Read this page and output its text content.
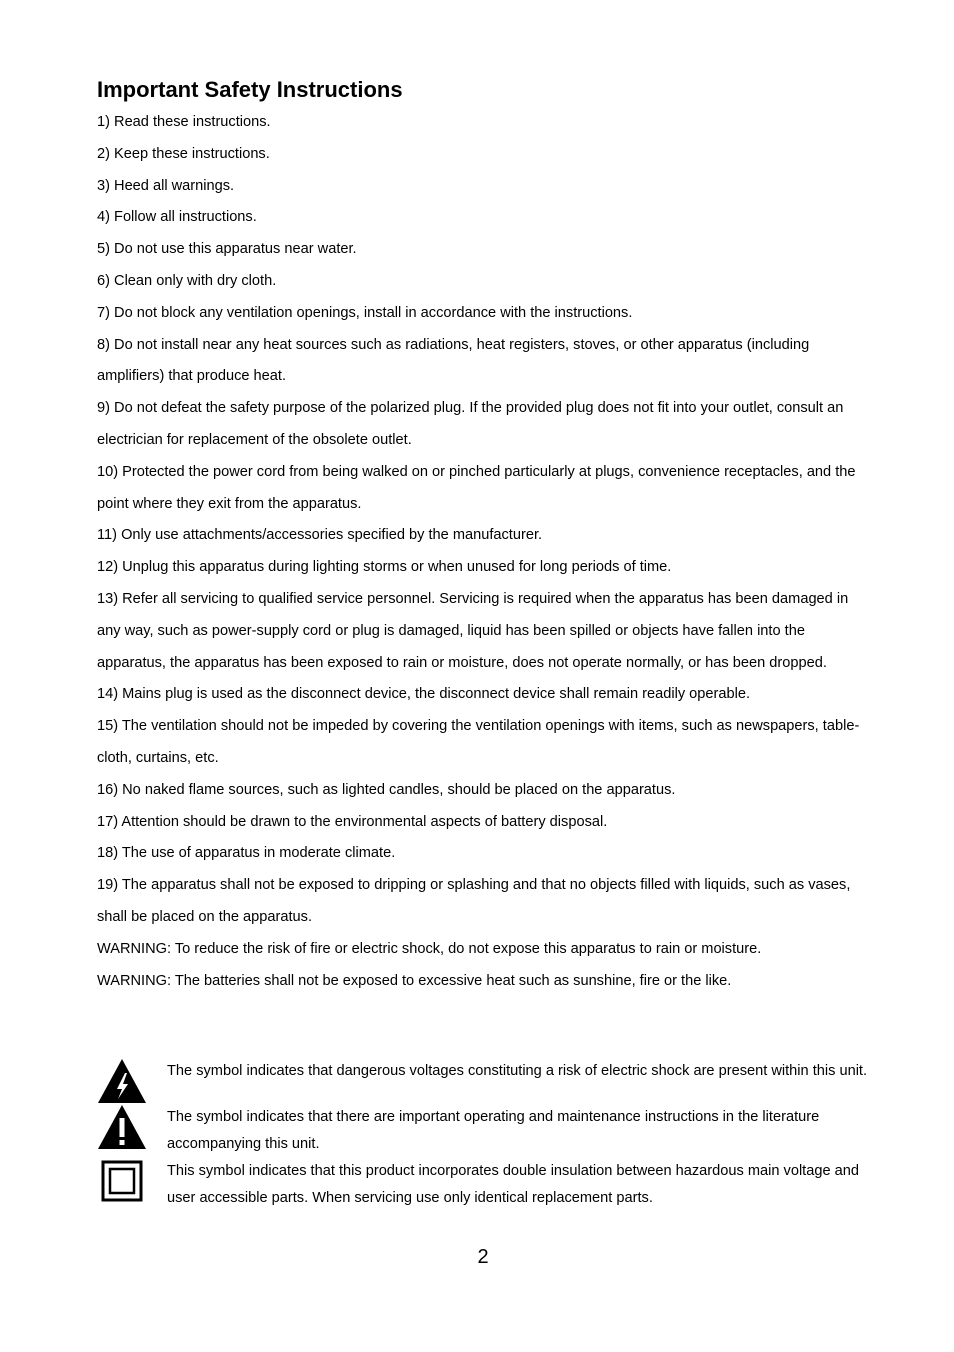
Important Safety Instructions

1) Read these instructions.

2) Keep these instructions.

3) Heed all warnings.

4) Follow all instructions.

5) Do not use this apparatus near water.

6) Clean only with dry cloth.

7) Do not block any ventilation openings, install in accordance with the instructions.

8) Do not install near any heat sources such as radiations, heat registers, stoves, or other apparatus (including amplifiers) that produce heat.

9) Do not defeat the safety purpose of the polarized plug. If the provided plug does not fit into your outlet, consult an electrician for replacement of the obsolete outlet.

10) Protected the power cord from being walked on or pinched particularly at plugs, convenience receptacles, and the point where they exit from the apparatus.

11) Only use attachments/accessories specified by the manufacturer.

12) Unplug this apparatus during lighting storms or when unused for long periods of time.

13) Refer all servicing to qualified service personnel. Servicing is required when the apparatus has been damaged in any way, such as power-supply cord or plug is damaged, liquid has been spilled or objects have fallen into the apparatus, the apparatus has been exposed to rain or moisture, does not operate normally, or has been dropped.

14) Mains plug is used as the disconnect device, the disconnect device shall remain readily operable.

15) The ventilation should not be impeded by covering the ventilation openings with items, such as newspapers, table-cloth, curtains, etc.

16) No naked flame sources, such as lighted candles, should be placed on the apparatus.

17) Attention should be drawn to the environmental aspects of battery disposal.

18) The use of apparatus in moderate climate.

19) The apparatus shall not be exposed to dripping or splashing and that no objects filled with liquids, such as vases, shall be placed on the apparatus.

WARNING: To reduce the risk of fire or electric shock, do not expose this apparatus to rain or moisture.

WARNING: The batteries shall not be exposed to excessive heat such as sunshine, fire or the like.

The symbol indicates that dangerous voltages constituting a risk of electric shock are present within this unit.
The symbol indicates that there are important operating and maintenance instructions in the literature accompanying this unit.
This symbol indicates that this product incorporates double insulation between hazardous main voltage and user accessible parts. When servicing use only identical replacement parts.
2
